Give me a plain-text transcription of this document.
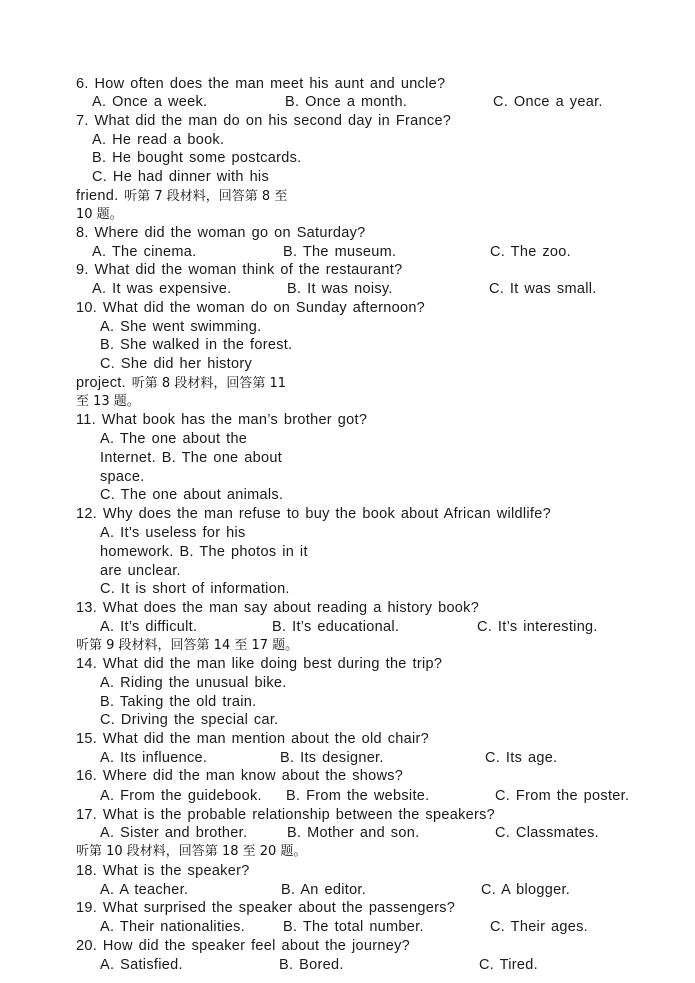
6. How often does the man meet his aunt and uncle?
A. Once a week.	B. Once a month.	C. Once a year.
7. What did the man do on his second day in France?
A. He read a book.
B. He bought some postcards.
C. He had dinner with his
friend. 听第 7 段材料，回答第 8 至
10 题。
8. Where did the woman go on Saturday?
A. The cinema.	B. The museum.	C. The zoo.
9. What did the woman think of the restaurant?
A. It was expensive.	B. It was noisy.	C. It was small.
10. What did the woman do on Sunday afternoon?
A. She went swimming.
B. She walked in the forest.
C. She did her history
project. 听第 8 段材料，回答第 11
至 13 题。
11. What book has the man’s brother got?
A. The one about the
Internet. B. The one about
space.
C. The one about animals.
12. Why does the man refuse to buy the book about African wildlife?
A. It’s useless for his
homework. B. The photos in it
are unclear.
C. It is short of information.
13. What does the man say about reading a history book?
A. It’s difficult.	B. It’s educational.	C. It’s interesting.
听第 9 段材料，回答第 14 至 17 题。
14. What did the man like doing best during the trip?
A. Riding the unusual bike.
B. Taking the old train.
C. Driving the special car.
15. What did the man mention about the old chair?
A. Its influence.	B. Its designer.	C. Its age.
16. Where did the man know about the shows?
A. From the guidebook. B. From the website.	C. From the poster.
17. What is the probable relationship between the speakers?
A. Sister and brother.	B. Mother and son.	C. Classmates.
听第 10 段材料，回答第 18 至 20 题。
18. What is the speaker?
A. A teacher.	B. An editor.	C. A blogger.
19. What surprised the speaker about the passengers?
A. Their nationalities.	B. The total number.	C. Their ages.
20. How did the speaker feel about the journey?
A. Satisfied.	B. Bored.	C. Tired.
